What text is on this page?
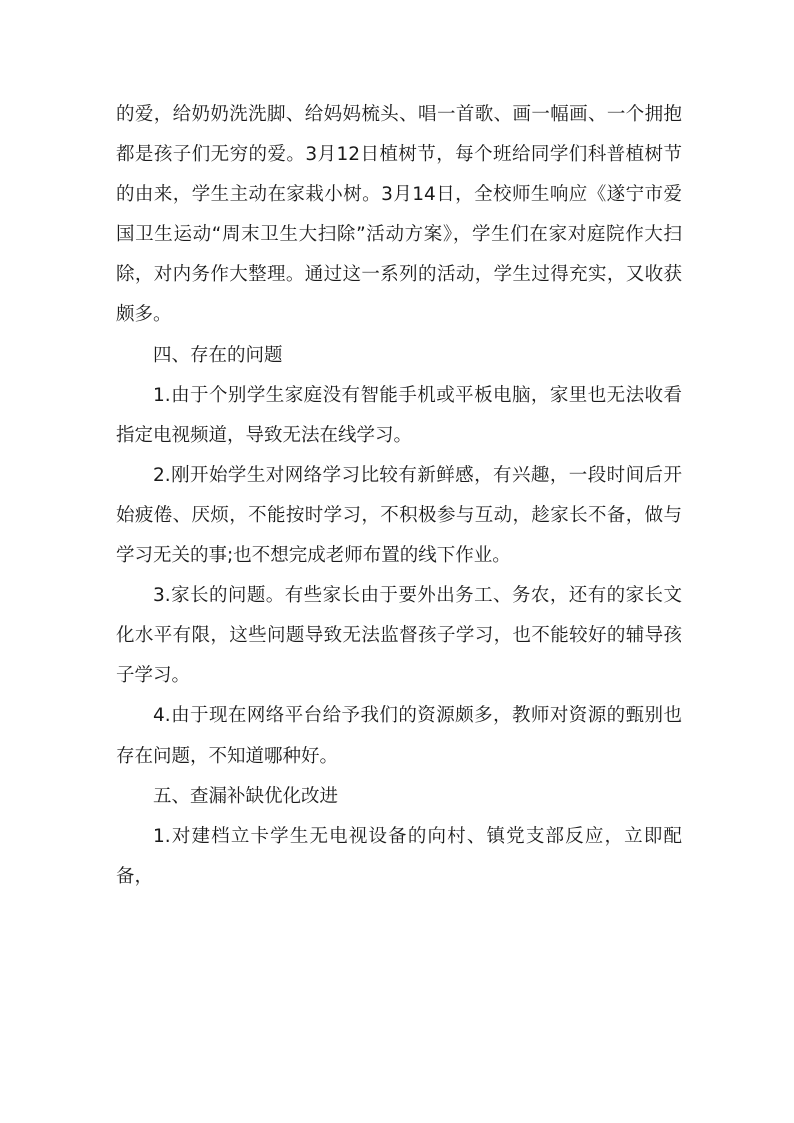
的爱，给奶奶洗洗脚、给妈妈梳头、唱一首歌、画一幅画、一个拥抱都是孩子们无穷的爱。3月12日植树节，每个班给同学们科普植树节的由来，学生主动在家栽小树。3月14日，全校师生响应《遂宁市爱国卫生运动“周末卫生大扫除”活动方案》，学生们在家对庭院作大扫除，对内务作大整理。通过这一系列的活动，学生过得充实，又收获颇多。

四、存在的问题

1.由于个别学生家庭没有智能手机或平板电脑，家里也无法收看指定电视频道，导致无法在线学习。

2.刚开始学生对网络学习比较有新鲜感，有兴趣，一段时间后开始疲倦、厌烦，不能按时学习，不积极参与互动，趁家长不备，做与学习无关的事;也不想完成老师布置的线下作业。

3.家长的问题。有些家长由于要外出务工、务农，还有的家长文化水平有限，这些问题导致无法监督孩子学习，也不能较好的辅导孩子学习。

4.由于现在网络平台给予我们的资源颇多，教师对资源的甄别也存在问题，不知道哪种好。

五、查漏补缺优化改进

1.对建档立卡学生无电视设备的向村、镇党支部反应，立即配备，
